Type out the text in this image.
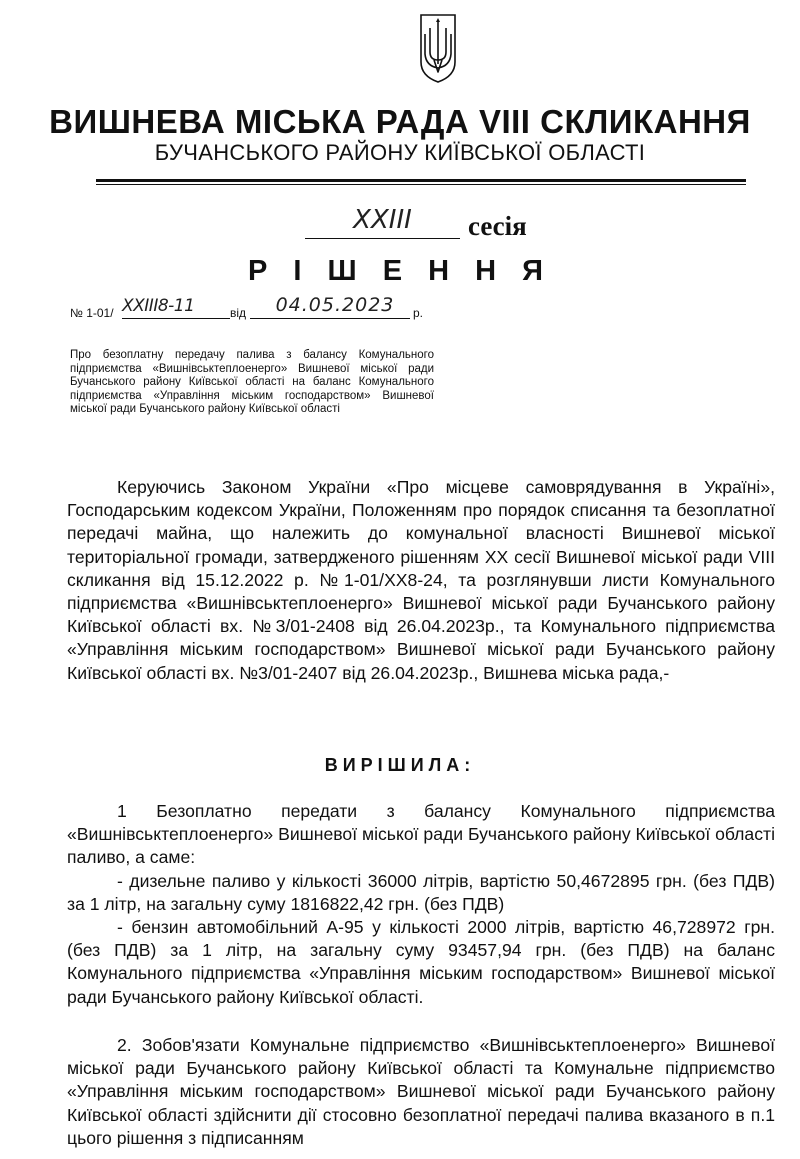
ВИШНЕВА МІСЬКА РАДА VIII СКЛИКАННЯ
БУЧАНСЬКОГО РАЙОНУ КИЇВСЬКОЇ ОБЛАСТІ
XXIII	сесія
Р І Ш Е Н Н Я
№ 1-01/ XXIII8-11	від	04.05.2023	р.
Про безоплатну передачу палива з балансу Комунального підприємства «Вишнівськтеплоенерго» Вишневої міської ради Бучанського району Київської області на баланс Комунального підприємства «Управління міським господарством» Вишневої міської ради Бучанського району Київської області
Керуючись Законом України «Про місцеве самоврядування в Україні», Господарським кодексом України, Положенням про порядок списання та безоплатної передачі майна, що належить до комунальної власності Вишневої міської територіальної громади, затвердженого рішенням XX сесії Вишневої міської ради VIII скликання від 15.12.2022 р. №1-01/XX8-24, та розглянувши листи Комунального підприємства «Вишнівськтеплоенерго» Вишневої міської ради Бучанського району Київської області вх. №3/01-2408 від 26.04.2023р., та Комунального підприємства «Управління міським господарством» Вишневої міської ради Бучанського району Київської області вх. №3/01-2407 від 26.04.2023р., Вишнева міська рада,-
ВИРІШИЛА:
1 Безоплатно передати з балансу Комунального підприємства «Вишнівськтеплоенерго» Вишневої міської ради Бучанського району Київської області паливо, а саме:
- дизельне паливо у кількості 36000 літрів, вартістю 50,4672895 грн. (без ПДВ) за 1 літр, на загальну суму 1816822,42 грн. (без ПДВ)
- бензин автомобільний А-95 у кількості 2000 літрів, вартістю 46,728972 грн. (без ПДВ) за 1 літр, на загальну суму 93457,94 грн. (без ПДВ) на баланс Комунального підприємства «Управління міським господарством» Вишневої міської ради Бучанського району Київської області.
2. Зобов'язати Комунальне підприємство «Вишнівськтеплоенерго» Вишневої міської ради Бучанського району Київської області та Комунальне підприємство «Управління міським господарством» Вишневої міської ради Бучанського району Київської області здійснити дії стосовно безоплатної передачі палива вказаного в п.1 цього рішення з підписанням
